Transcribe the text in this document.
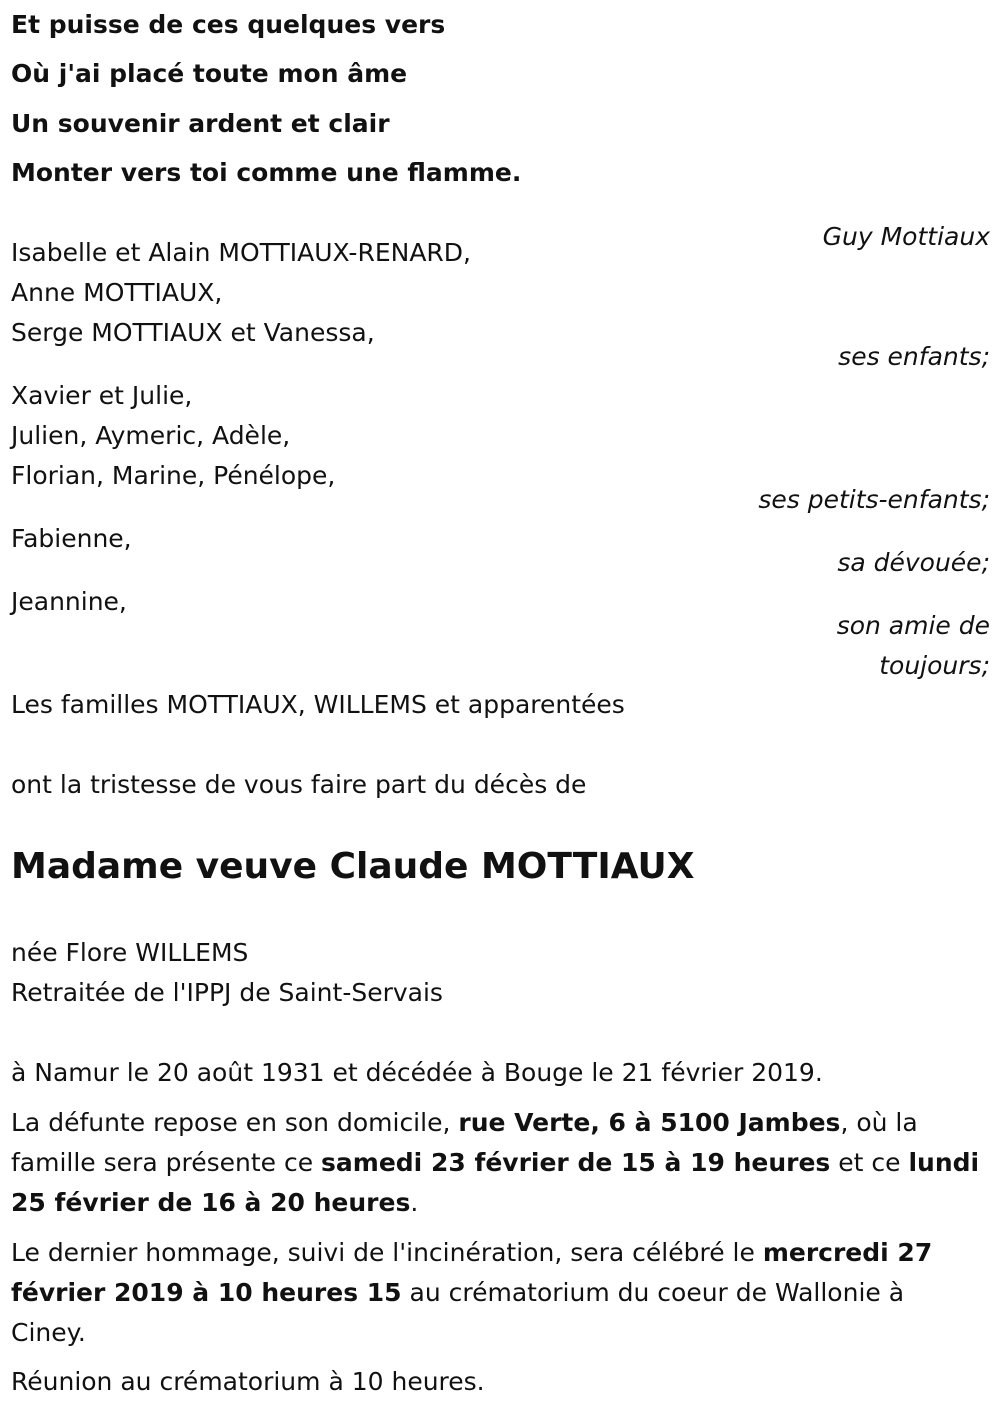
Et puisse de ces quelques vers
Où j'ai placé toute mon âme
Un souvenir ardent et clair
Monter vers toi comme une flamme.
Guy Mottiaux
Isabelle et Alain MOTTIAUX-RENARD,
Anne MOTTIAUX,
Serge MOTTIAUX et Vanessa,
ses enfants;
Xavier et Julie,
Julien, Aymeric, Adèle,
Florian, Marine, Pénélope,
ses petits-enfants;
Fabienne,
sa dévouée;
Jeannine,
son amie de
toujours;
Les familles MOTTIAUX, WILLEMS et apparentées
ont la tristesse de vous faire part du décès de
Madame veuve Claude MOTTIAUX
née Flore WILLEMS
Retraitée de l'IPPJ de Saint-Servais
à Namur le 20 août 1931 et décédée à Bouge le 21 février 2019.
La défunte repose en son domicile, rue Verte, 6 à 5100 Jambes, où la famille sera présente ce samedi 23 février de 15 à 19 heures et ce lundi 25 février de 16 à 20 heures.
Le dernier hommage, suivi de l'incinération, sera célébré le mercredi 27 février 2019 à 10 heures 15 au crématorium du coeur de Wallonie à Ciney.
Réunion au crématorium à 10 heures.
